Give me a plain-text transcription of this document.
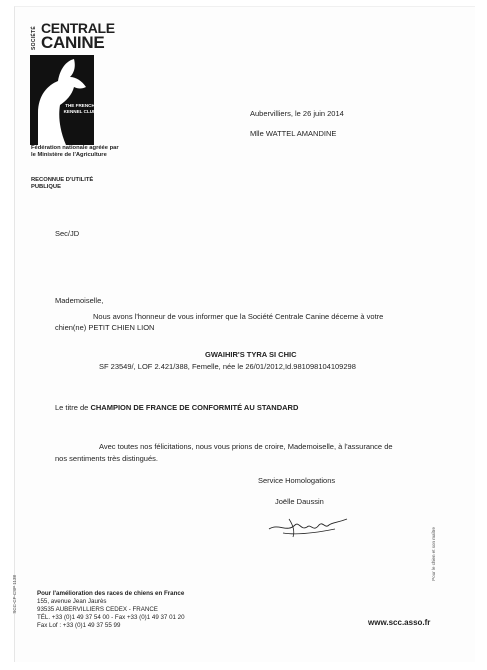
SOCIÉTÉ CENTRALE
CANINE
THE FRENCH KENNEL CLUB
Fédération nationale agréée par le Ministère de l'Agriculture
RECONNUE D'UTILITÉ PUBLIQUE
Aubervilliers, le 26 juin 2014
Mlle WATTEL AMANDINE
Sec/JD
Mademoiselle,
Nous avons l'honneur de vous informer que la Société Centrale Canine décerne à votre
chien(ne) PETIT CHIEN LION
GWAIHIR'S TYRA SI CHIC
SF 23549/, LOF 2.421/388, Femelle, née le 26/01/2012,Id.981098104109298
Le titre de CHAMPION DE FRANCE DE CONFORMITÉ AU STANDARD
Avec toutes nos félicitations, nous vous prions de croire, Mademoiselle, à l'assurance de
nos sentiments très distingués.
Service Homologations
Joëlle Daussin
Pour le chien et son maître
SCC-CF-CSP 1138	Pour l'amélioration des races de chiens en France
155, avenue Jean Jaurès
93535 AUBERVILLIERS CEDEX - FRANCE
TÉL. +33 (0)1 49 37 54 00 - Fax +33 (0)1 49 37 01 20
Fax Lof : +33 (0)1 49 37 55 99	www.scc.asso.fr
